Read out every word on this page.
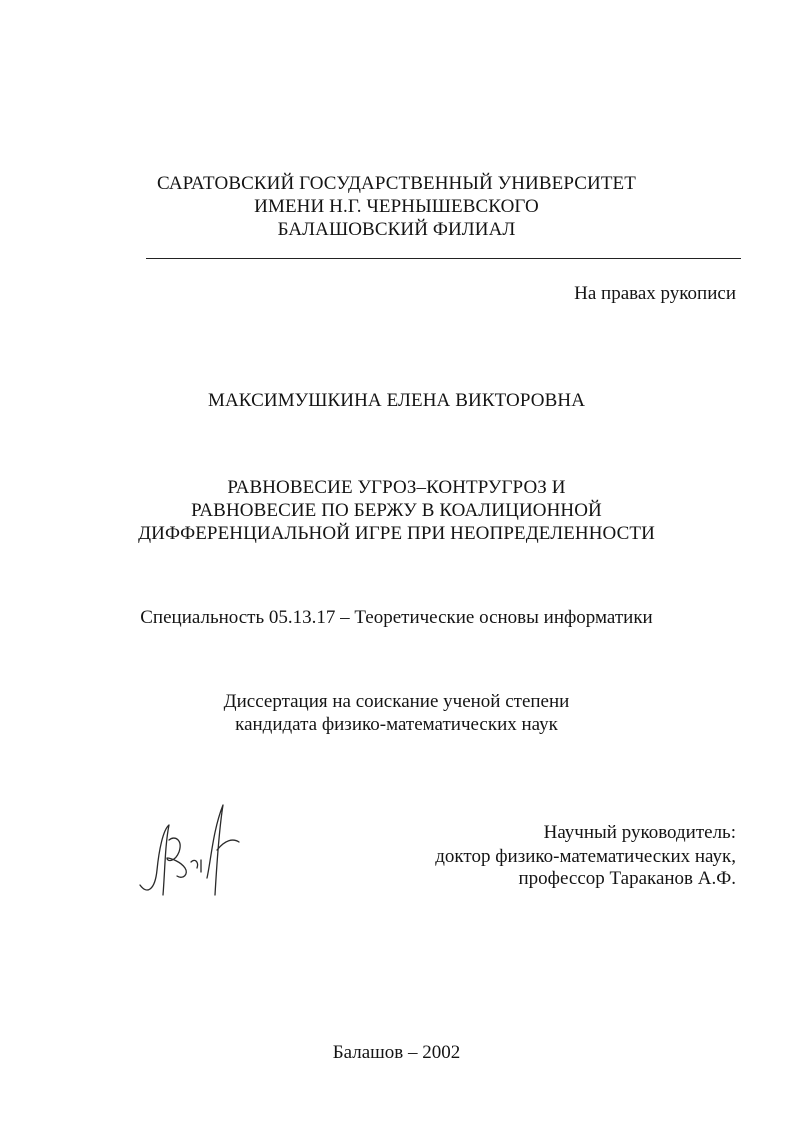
САРАТОВСКИЙ ГОСУДАРСТВЕННЫЙ УНИВЕРСИТЕТ
ИМЕНИ Н.Г. ЧЕРНЫШЕВСКОГО
БАЛАШОВСКИЙ ФИЛИАЛ
На правах рукописи
МАКСИМУШКИНА ЕЛЕНА ВИКТОРОВНА
РАВНОВЕСИЕ УГРОЗ–КОНТРУГРОЗ И
РАВНОВЕСИЕ ПО БЕРЖУ В КОАЛИЦИОННОЙ
ДИФФЕРЕНЦИАЛЬНОЙ ИГРЕ ПРИ НЕОПРЕДЕЛЕННОСТИ
Специальность 05.13.17 – Теоретические основы информатики
Диссертация на соискание ученой степени
кандидата физико-математических наук
Научный руководитель:
доктор физико-математических наук,
профессор Тараканов А.Ф.
Балашов – 2002
